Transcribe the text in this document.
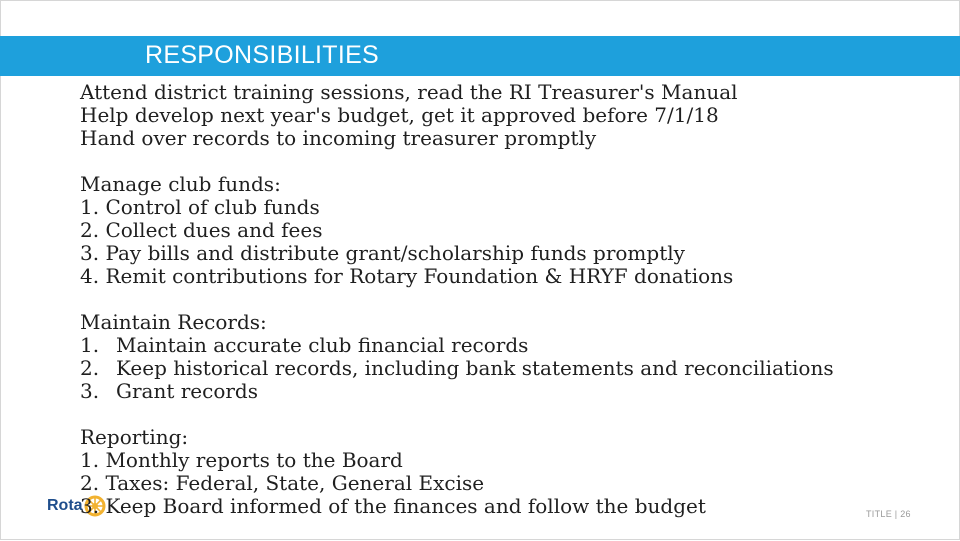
RESPONSIBILITIES
Rota
Attend district training sessions, read the RI Treasurer's Manual
Help develop next year's budget, get it approved before 7/1/18
Hand over records to incoming treasurer promptly
Manage club funds:
1. Control of club funds
2. Collect dues and fees
3. Pay bills and distribute grant/scholarship funds promptly
4. Remit contributions for Rotary Foundation & HRYF donations
Maintain Records:
1. Maintain accurate club financial records
2. Keep historical records, including bank statements and reconciliations
3. Grant records
Reporting:
1. Monthly reports to the Board
2. Taxes: Federal, State, General Excise
3. Keep Board informed of the finances and follow the budget	TITLE | 26
